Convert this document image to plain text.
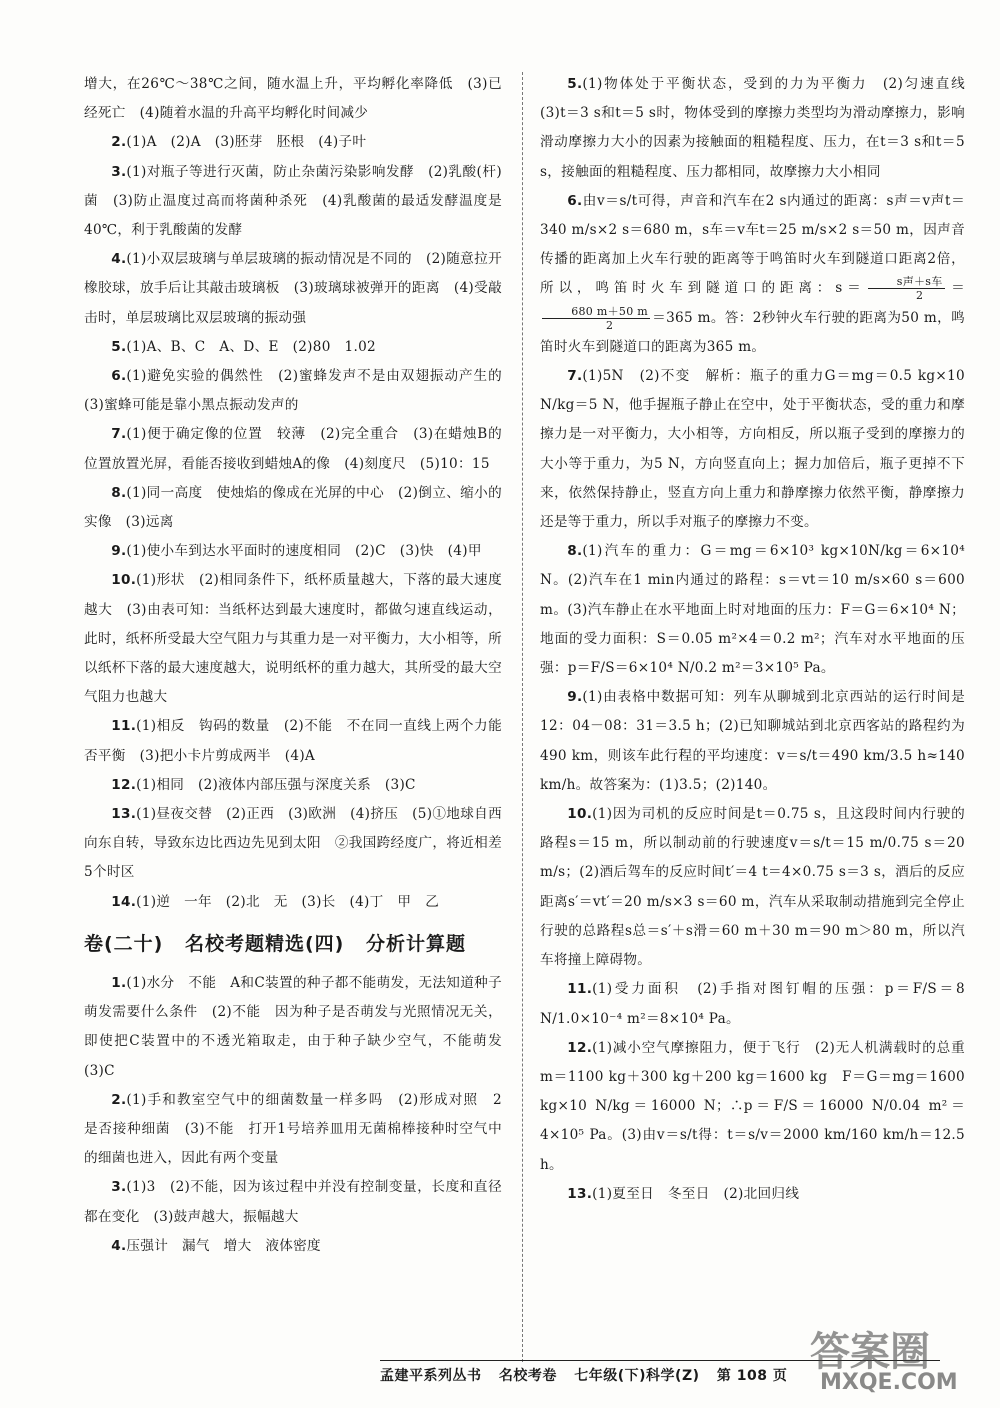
增大，在26℃～38℃之间，随水温上升，平均孵化率降低　(3)已经死亡　(4)随着水温的升高平均孵化时间减少

2.(1)A　(2)A　(3)胚芽　胚根　(4)子叶

3.(1)对瓶子等进行灭菌，防止杂菌污染影响发酵　(2)乳酸(杆)菌　(3)防止温度过高而将菌种杀死　(4)乳酸菌的最适发酵温度是40℃，利于乳酸菌的发酵

4.(1)小双层玻璃与单层玻璃的振动情况是不同的　(2)随意拉开橡胶球，放手后让其敲击玻璃板　(3)玻璃球被弹开的距离　(4)受敲击时，单层玻璃比双层玻璃的振动强

5.(1)A、B、C　A、D、E　(2)80　1.02

6.(1)避免实验的偶然性　(2)蜜蜂发声不是由双翅振动产生的　(3)蜜蜂可能是靠小黑点振动发声的

7.(1)便于确定像的位置　较薄　(2)完全重合　(3)在蜡烛B的位置放置光屏，看能否接收到蜡烛A的像　(4)刻度尺　(5)10：15

8.(1)同一高度　使烛焰的像成在光屏的中心　(2)倒立、缩小的实像　(3)远离

9.(1)使小车到达水平面时的速度相同　(2)C　(3)快　(4)甲

10.(1)形状　(2)相同条件下，纸杯质量越大，下落的最大速度越大　(3)由表可知：当纸杯达到最大速度时，都做匀速直线运动，此时，纸杯所受最大空气阻力与其重力是一对平衡力，大小相等，所以纸杯下落的最大速度越大，说明纸杯的重力越大，其所受的最大空气阻力也越大

11.(1)相反　钩码的数量　(2)不能　不在同一直线上两个力能否平衡　(3)把小卡片剪成两半　(4)A

12.(1)相同　(2)液体内部压强与深度关系　(3)C

13.(1)昼夜交替　(2)正西　(3)欧洲　(4)挤压　(5)①地球自西向东自转，导致东边比西边先见到太阳　②我国跨经度广，将近相差5个时区

14.(1)逆　一年　(2)北　无　(3)长　(4)丁　甲　乙

卷(二十) 名校考题精选(四) 分析计算题

1.(1)水分　不能　A和C装置的种子都不能萌发，无法知道种子萌发需要什么条件　(2)不能　因为种子是否萌发与光照情况无关，即使把C装置中的不透光箱取走，由于种子缺少空气，不能萌发　(3)C

2.(1)手和教室空气中的细菌数量一样多吗　(2)形成对照　2　是否接种细菌　(3)不能　打开1号培养皿用无菌棉棒接种时空气中的细菌也进入，因此有两个变量

3.(1)3　(2)不能，因为该过程中并没有控制变量，长度和直径都在变化　(3)鼓声越大，振幅越大

4.压强计　漏气　增大　液体密度

5.(1)物体处于平衡状态，受到的力为平衡力　(2)匀速直线　(3)t＝3 s和t＝5 s时，物体受到的摩擦力类型均为滑动摩擦力，影响滑动摩擦力大小的因素为接触面的粗糙程度、压力，在t＝3 s和t＝5 s，接触面的粗糙程度、压力都相同，故摩擦力大小相同

6.由v＝s/t可得，声音和汽车在2 s内通过的距离：s声＝v声t＝340 m/s×2 s＝680 m，s车＝v车t＝25 m/s×2 s＝50 m，因声音传播的距离加上火车行驶的距离等于鸣笛时火车到隧道口距离2倍，所以，鸣笛时火车到隧道口的距离：$s= \frac{\text{s声＋s车}}{2}$ ＝
$\frac{680 m+50 m}{2} =365$ m。答：2秒钟火车行驶的距离为50 m，鸣笛时火车到隧道口的距离为365 m。

7.(1)5N　(2)不变　解析：瓶子的重力G＝mg＝0.5 kg×10 N/kg＝5 N，他手握瓶子静止在空中，处于平衡状态，受的重力和摩擦力是一对平衡力，大小相等，方向相反，所以瓶子受到的摩擦力的大小等于重力，为5 N，方向竖直向上；握力加倍后，瓶子更掉不下来，依然保持静止，竖直方向上重力和静摩擦力依然平衡，静摩擦力还是等于重力，所以手对瓶子的摩擦力不变。

8.(1)汽车的重力：G＝mg＝6×10³ kg×10N/kg＝6×10⁴ N。(2)汽车在1 min内通过的路程：s＝vt＝10 m/s×60 s＝600 m。(3)汽车静止在水平地面上时对地面的压力：F＝G＝6×10⁴ N；地面的受力面积：S＝0.05 m²×4＝0.2 m²；汽车对水平地面的压强：p＝F/S＝6×10⁴ N/0.2 m²＝3×10⁵ Pa。

9.(1)由表格中数据可知：列车从聊城到北京西站的运行时间是12：04－08：31＝3.5 h；(2)已知聊城站到北京西客站的路程约为490 km，则该车此行程的平均速度：v＝s/t＝490 km/3.5 h≈140 km/h。故答案为：(1)3.5；(2)140。

10.(1)因为司机的反应时间是t＝0.75 s，且这段时间内行驶的路程s＝15 m，所以制动前的行驶速度v＝s/t＝15 m/0.75 s＝20 m/s；(2)酒后驾车的反应时间t′＝4 t＝4×0.75 s＝3 s，酒后的反应距离s′＝vt′＝20 m/s×3 s＝60 m，汽车从采取制动措施到完全停止行驶的总路程s总＝s′＋s滑＝60 m＋30 m＝90 m＞80 m，所以汽车将撞上障碍物。

11.(1)受力面积　(2)手指对图钉帽的压强：p＝F/S＝8 N/1.0×10⁻⁴ m²＝8×10⁴ Pa。

12.(1)减小空气摩擦阻力，便于飞行　(2)无人机满载时的总重m＝1100 kg＋300 kg＋200 kg＝1600 kg　F＝G＝mg＝1600 kg×10 N/kg＝16000 N；∴p＝F/S＝16000 N/0.04 m²＝4×10⁵ Pa。(3)由v＝s/t得：t＝s/v＝2000 km/160 km/h＝12.5 h。

13.(1)夏至日　冬至日　(2)北回归线

孟建平系列丛书 名校考卷 七年级(下)科学(Z) 第 108 页
答案圈
MXQE.COM
